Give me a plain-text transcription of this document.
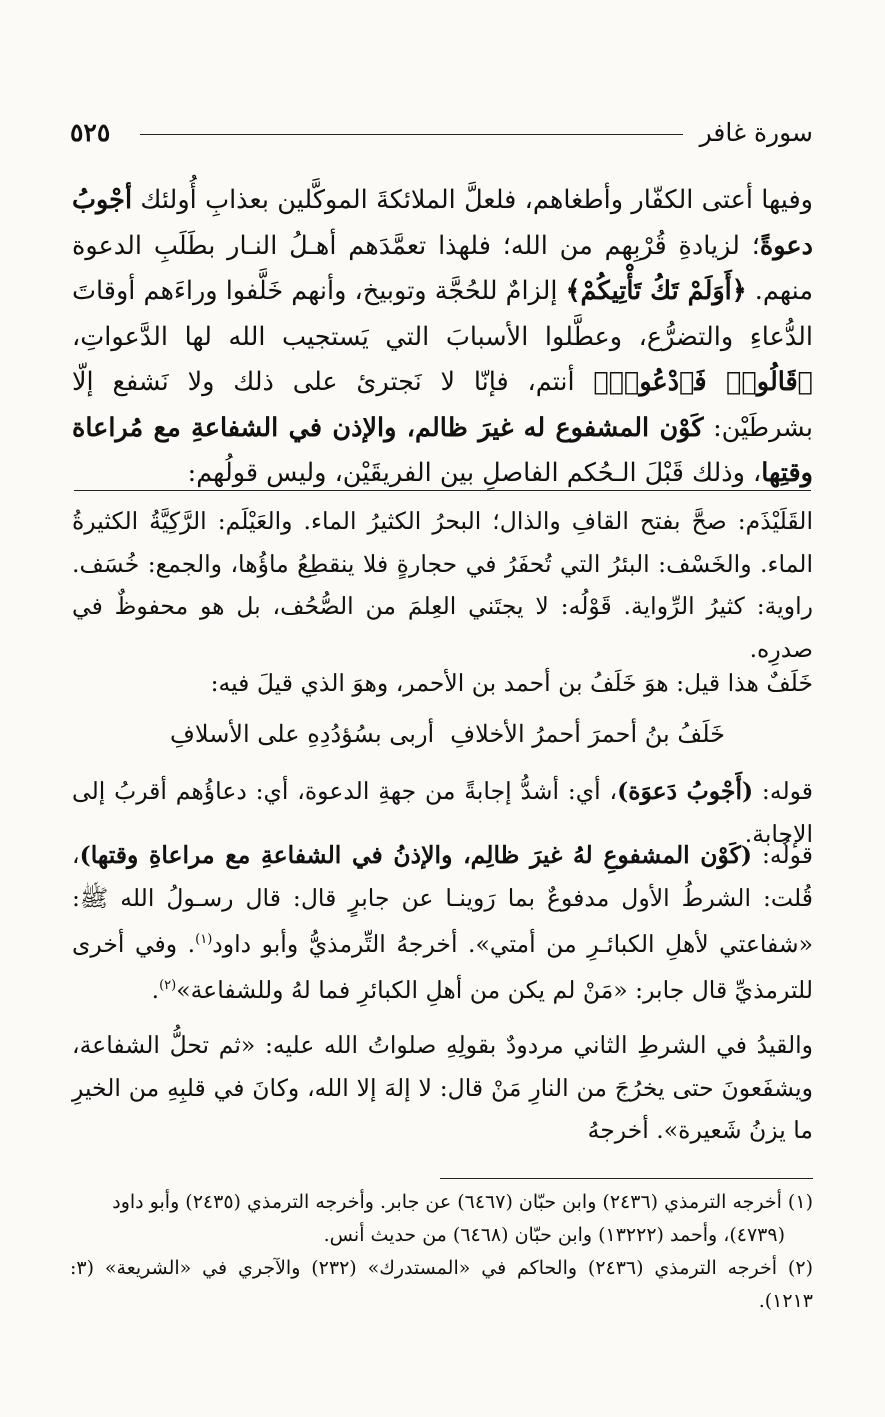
٥٢٥	سورة غافر

وفيها أعتى الكفّار وأطغاهم، فلعلَّ الملائكةَ الموكَّلين بعذابِ أُولئك أجْوبُ دعوةً؛ لزيادةِ قُرْبِهم من الله؛ فلهذا تعمَّدَهم أهـلُ النـار بطَلَبِ الدعوة منهم. ﴿أَوَلَمْ تَكُ تَأْتِيكُمْ﴾ إلزامٌ للحُجَّة وتوبيخ، وأنهم خَلَّفوا وراءَهم أوقاتَ الدُّعاءِ والتضرُّع، وعطَّلوا الأسبابَ التي يَستجيب الله لها الدَّعواتِ، ﴿قَالُوا۟ فَٱدْعُوا۟﴾ أنتم، فإنّا لا نَجترئ على ذلك ولا نَشفع إلّا بشرطَيْن: كَوْن المشفوع له غيرَ ظالم، والإذن في الشفاعةِ مع مُراعاة وقتِها، وذلك قَبْلَ الـحُكم الفاصلِ بين الفريقَيْن، وليس قولُهم:

القَلَيْذَم: صحَّ بفتح القافِ والذال؛ البحرُ الكثيرُ الماء. والعَيْلَم: الرَّكِيَّةُ الكثيرةُ الماء. والخَسْف: البئرُ التي تُحفَرُ في حجارةٍ فلا ينقطِعُ ماؤُها، والجمع: خُسَف. راوية: كثيرُ الرِّواية. قَوْلُه: لا يجتَني العِلمَ من الصُّحُف، بل هو محفوظٌ في صدرِه.

خَلَفٌ هذا قيل: هوَ خَلَفُ بن أحمد بن الأحمر، وهوَ الذي قيلَ فيه:

خَلَفُ بنُ أحمرَ أحمرُ الأخلافِ
أربى بسُؤدُدِهِ على الأسلافِ

قوله: (أَجْوبُ دَعوَة)، أي: أشدُّ إجابةً من جهةِ الدعوة، أي: دعاؤُهم أقربُ إلى الإجابة.

قولُه: (كَوْن المشفوعِ لهُ غيرَ ظالِم، والإذنُ في الشفاعةِ مع مراعاةِ وقتها)، قُلت: الشرطُ الأول مدفوعٌ بما رَوينـا عن جابرٍ قال: قال رسـولُ الله ﷺ: «شفاعتي لأهلِ الكبائـرِ من أمتي». أخرجهُ التِّرمذيُّ وأبو داود$^{(١)}$. وفي أخرى للترمذيِّ قال جابر: «مَنْ لم يكن من أهلِ الكبائرِ فما لهُ وللشفاعة»$^{(٢)}$.

والقيدُ في الشرطِ الثاني مردودٌ بقولِهِ صلواتُ الله عليه: «ثم تحلُّ الشفاعة، ويشفَعونَ حتى يخرُجَ من النارِ مَنْ قال: لا إلهَ إلا الله، وكانَ في قلبِهِ من الخيرِ ما يزنُ شَعيرة». أخرجهُ

(١) أخرجه الترمذي (٢٤٣٦) وابن حبّان (٦٤٦٧) عن جابر. وأخرجه الترمذي (٢٤٣٥) وأبو داود

(٤٧٣٩)، وأحمد (١٣٢٢٢) وابن حبّان (٦٤٦٨) من حديث أنس.

(٢) أخرجه الترمذي (٢٤٣٦) والحاكم في «المستدرك» (٢٣٢) والآجري في «الشريعة» (٣: ١٢١٣).
